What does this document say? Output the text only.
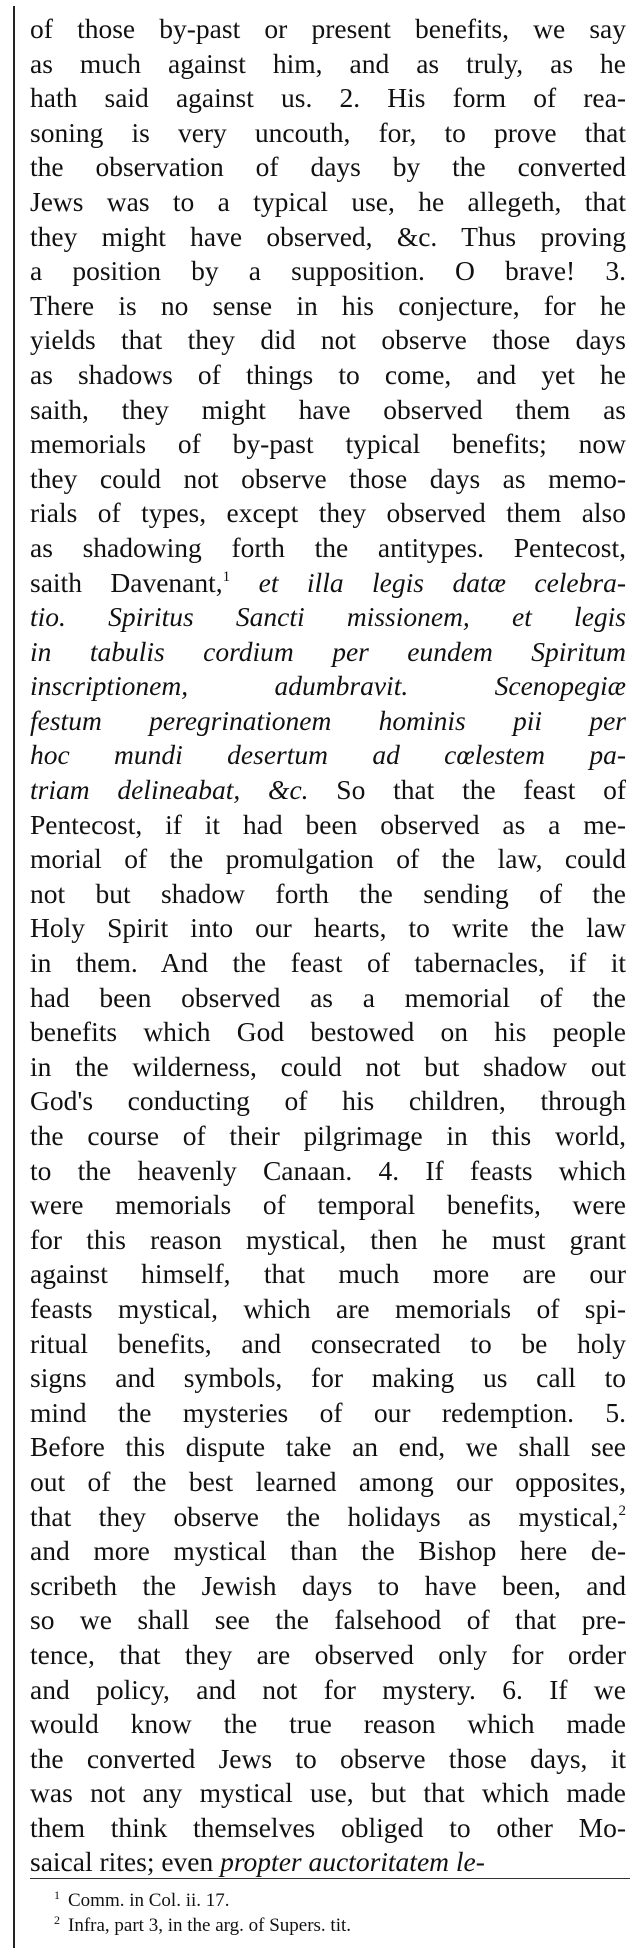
of those by-past or present benefits, we say
as much against him, and as truly, as he
hath said against us. 2. His form of rea-
soning is very uncouth, for, to prove that
the observation of days by the converted
Jews was to a typical use, he allegeth, that
they might have observed, &c. Thus proving
a position by a supposition. O brave! 3.
There is no sense in his conjecture, for he
yields that they did not observe those days
as shadows of things to come, and yet he
saith, they might have observed them as
memorials of by-past typical benefits; now
they could not observe those days as memo-
rials of types, except they observed them also
as shadowing forth the antitypes. Pentecost,
saith Davenant,$^1$ et illa legis datæ celebra-
tio. Spiritus Sancti missionem, et legis
in tabulis cordium per eundem Spiritum
inscriptionem, adumbravit. Scenopegiæ
festum peregrinationem hominis pii per
hoc mundi desertum ad cœlestem pa-
triam delineabat, &c. So that the feast of
Pentecost, if it had been observed as a me-
morial of the promulgation of the law, could
not but shadow forth the sending of the
Holy Spirit into our hearts, to write the law
in them. And the feast of tabernacles, if it
had been observed as a memorial of the
benefits which God bestowed on his people
in the wilderness, could not but shadow out
God's conducting of his children, through
the course of their pilgrimage in this world,
to the heavenly Canaan. 4. If feasts which
were memorials of temporal benefits, were
for this reason mystical, then he must grant
against himself, that much more are our
feasts mystical, which are memorials of spi-
ritual benefits, and consecrated to be holy
signs and symbols, for making us call to
mind the mysteries of our redemption. 5.
Before this dispute take an end, we shall see
out of the best learned among our opposites,
that they observe the holidays as mystical,$^2$
and more mystical than the Bishop here de-
scribeth the Jewish days to have been, and
so we shall see the falsehood of that pre-
tence, that they are observed only for order
and policy, and not for mystery. 6. If we
would know the true reason which made
the converted Jews to observe those days, it
was not any mystical use, but that which made
them think themselves obliged to other Mo-
saical rites; even propter auctoritatem le-
$^1$ Comm. in Col. ii. 17.
$^2$ Infra, part 3, in the arg. of Supers. tit.
